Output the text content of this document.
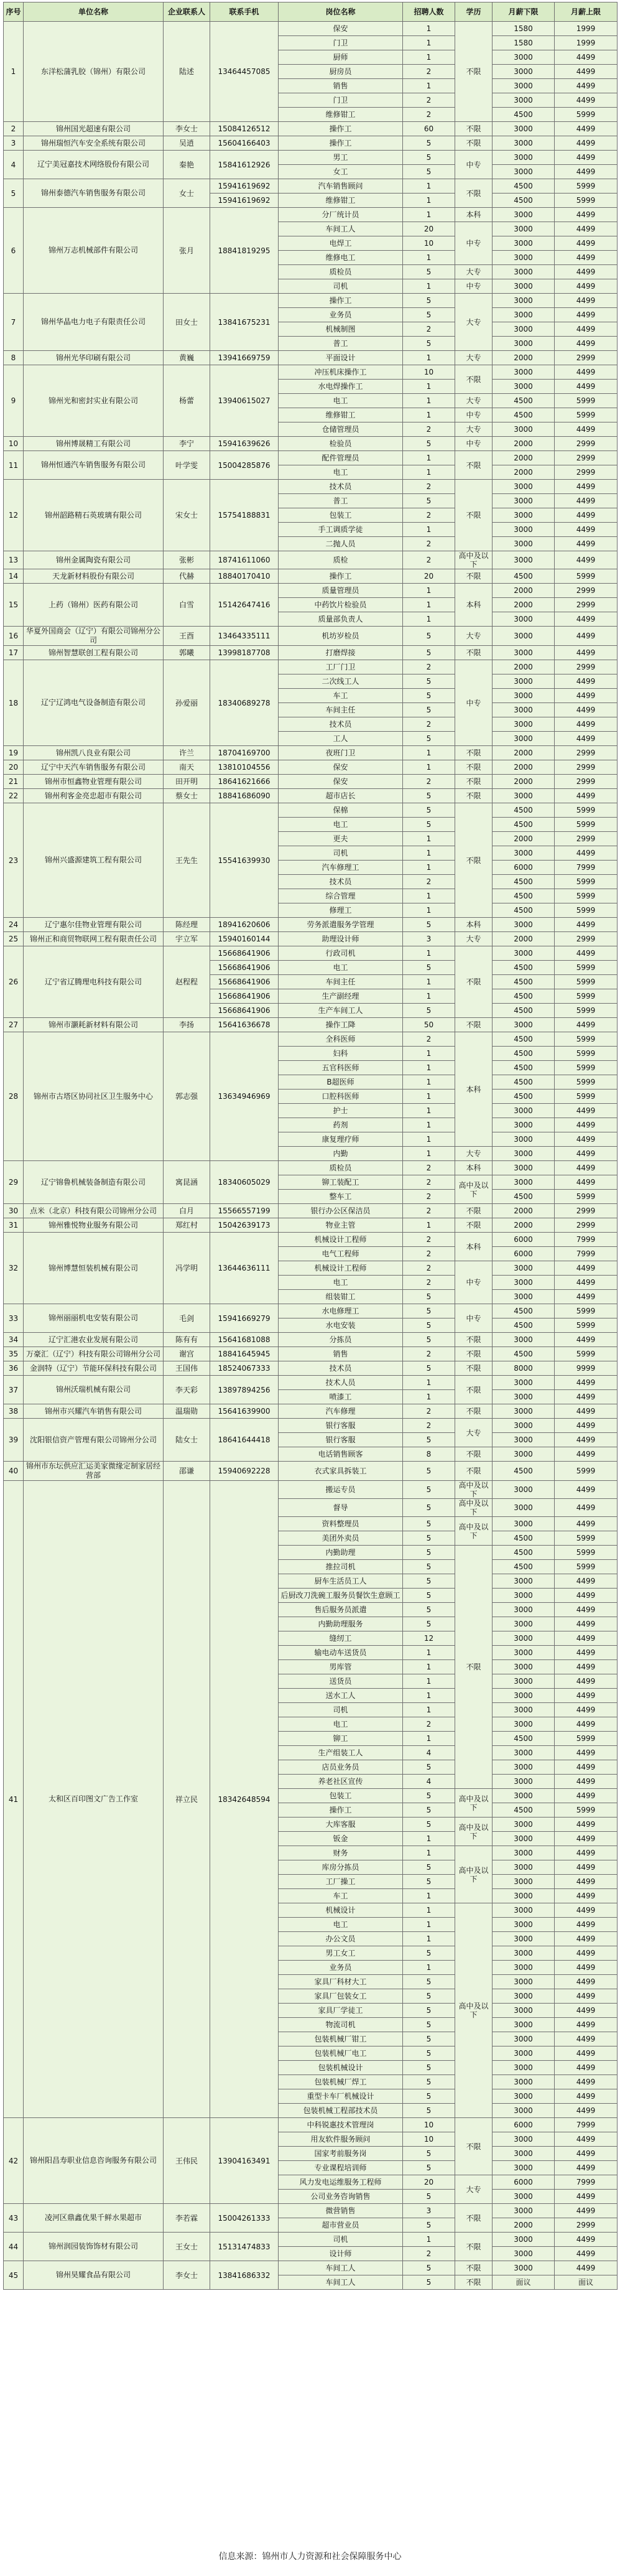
序号	单位名称	企业联系人	联系手机	岗位名称	招聘人数	学历	月薪下限	月薪上限
1	东洋松蒲乳胶（锦州）有限公司	陆述	13464457085	保安	1	不限	1580	1999
				门卫	1		1580	1999
				厨师	1		3000	4499
				厨房员	2		3000	4499
				销售	1		3000	4499
				门卫	2		3000	4499
				维修钳工	2		4500	5999
2	锦州国光超速有限公司	李女士	15084126512	操作工	60	不限	3000	4499
3	锦州瑞恒汽车安全系统有限公司	吴逍	15604166403	操作工	5	不限	3000	4499
4	辽宁美冠嘉技术网络股份有限公司	秦艳	15841612926	男工	5	中专	3000	4499
				女工	5		3000	4499
5	锦州泰德汽车销售服务有限公司	女士	15941619692	汽车销售顾问	1	不限	4500	5999
			15941619692	维修钳工	1		4500	5999
6	锦州万志机械部件有限公司	张月	18841819295	分厂统计员	1	本科	3000	4499
				车间工人	20	中专	3000	4499
				电焊工	10		3000	4499
				维修电工	1		3000	4499
				质检员	5	大专	3000	4499
				司机	1	中专	3000	4499
7	锦州华晶电力电子有限责任公司	田女士	13841675231	操作工	5	大专	3000	4499
				业务员	5		3000	4499
				机械制图	2		3000	4499
				普工	5		3000	4499
8	锦州光华印刷有限公司	黄巍	13941669759	平面设计	1	大专	2000	2999
9	锦州光和密封实业有限公司	杨蕾	13940615027	冲压机床操作工	10	不限	3000	4499
				水电焊操作工	1		3000	4499
				电工	1	大专	4500	5999
				维修钳工	1	中专	4500	5999
				仓储管理员	2	大专	3000	4499
10	锦州博晟精工有限公司	李宁	15941639626	检验员	5	中专	2000	2999
11	锦州恒通汽车销售服务有限公司	叶学雯	15004285876	配件管理员	1	不限	2000	2999
				电工	1		2000	2999
12	锦州韶路精石英玻璃有限公司	宋女士	15754188831	技术员	2	不限	3000	4499
				普工	5		3000	4499
				包装工	2		3000	4499
				手工调质学徒	1		3000	4499
				二抛人员	2		3000	4499
13	锦州金属陶瓷有限公司	张彬	18741611060	质检	2	高中及以下	3000	4499
14	天龙新材料股份有限公司	代赫	18840170410	操作工	20	不限	4500	5999
15	上药（锦州）医药有限公司	白雪	15142647416	质量管理员	1	本科	2000	2999
				中药饮片检验员	1		2000	2999
				质量部负责人	1		3000	4499
16	华夏外国商会（辽宁）有限公司锦州分公司	王酉	13464335111	机坊岁检员	5	大专	3000	4499
17	锦州智慧联创工程有限公司	郭曦	13998187708	打磨焊接	5	不限	3000	4499
18	辽宁辽鸿电气设备制造有限公司	孙爱丽	18340689278	工厂门卫	2	中专	2000	2999
				二次线工人	5		3000	4499
				车工	5		3000	4499
				车间主任	5		3000	4499
				技术员	2		3000	4499
				工人	5		3000	4499
19	锦州凯八良业有限公司	许兰	18704169700	夜班门卫	1	不限	2000	2999
20	辽宁中天汽车销售服务有限公司	南天	13810104556	保安	1	不限	2000	2999
21	锦州市恒鑫物业管理有限公司	田开明	18641621666	保安	2	不限	2000	2999
22	锦州利客金亮忠超市有限公司	蔡女士	18841686090	超市店长	5	不限	3000	4499
23	锦州兴盛源建筑工程有限公司	王先生	15541639930	保棉	5	不限	4500	5999
				电工	5		4500	5999
				更夫	1		2000	2999
				司机	1		3000	4499
				汽车修理工	1		6000	7999
				技术员	2		4500	5999
				综合管理	1		4500	5999
				修理工	1		4500	5999
24	辽宁惠尔佳物业管理有限公司	陈经理	18941620606	劳务派遣服务学管理	5	本科	3000	4499
25	锦州正和商贸物联网工程有限责任公司	宇立军	15940160144	助理设计师	3	大专	2000	2999
26	辽宁省辽腾理电科技有限公司	赵程程	15668641906	行政司机	1	不限	3000	4499
			15668641906	电工	5		4500	5999
			15668641906	车间主任	1		4500	5999
			15668641906	生产副经理	1		4500	5999
			15668641906	生产车间工人	5		4500	5999
27	锦州市灏耗新材料有限公司	李扬	15641636678	操作工降	50	不限	3000	4499
28	锦州市古塔区协同社区卫生服务中心	郭志强	13634946969	全科医师	2	本科	4500	5999
				妇科	1		4500	5999
				五官科医师	1		4500	5999
				B超医师	1		4500	5999
				口腔科医师	1		4500	5999
				护士	1		3000	4499
				药剂	1		3000	4499
				康复理疗师	1		3000	4499
				内勤	1	大专	3000	4499
29	辽宁锦鲁机械装备制造有限公司	寓昆涵	18340605029	质检员	2	本科	3000	4499
				铆工装配工	2	高中及以下	3000	4499
				整车工	2		4500	5999
30	点米（北京）科技有限公司锦州分公司	白月	15566557199	银行办公区保洁员	2	不限	2000	2999
31	锦州雅悦物业服务有限公司	郑红村	15042639173	物业主管	1	不限	2000	2999
32	锦州博慧恒装机械有限公司	冯学明	13644636111	机械设计工程师	2	本科	6000	7999
				电气工程师	2		6000	7999
				机械设计工程师	2	中专	3000	4499
				电工	2		3000	4499
				组装钳工	5		3000	4499
33	锦州丽丽机电安装有限公司	毛剑	15941669279	水电修理工	5	中专	4500	5999
				水电安装	5		4500	5999
34	辽宁汇港农业发展有限公司	陈有有	15641681088	分拣员	5	不限	3000	4499
35	万豪汇（辽宁）科技有限公司锦州分公司	谢宫	18841645945	销售	2	不限	4500	5999
36	金润特（辽宁）节能环保科技有限公司	王国伟	18524067333	技术员	5	不限	8000	9999
37	锦州沃瑞机械有限公司	李天彩	13897894256	技术人员	1	不限	3000	4499
				喷漆工	1		3000	4499
38	锦州市兴耀汽车销售有限公司	温瑞勋	15641639900	汽车修理	2	不限	3000	4499
39	沈阳银信资产管理有限公司锦州分公司	陆女士	18641644418	银行客服	2	大专	3000	4499
				银行客服	5		3000	4499
				电话销售顾客	8	不限	3000	4499
40	锦州市东坛供应汇运美家微缘定制家居经营部	邵谦	15940692228	衣式家具拆装工	5	不限	4500	5999
41	太和区百印图文广告工作室	祥立民	18342648594	搬运专员	5	高中及以下	3000	4499
				督导	5	高中及以下	3000	4499
				资料整理员	5	高中及以下	3000	4499
				美团外卖员	5		4500	5999
				内勤助理	5	不限	4500	5999
				推拉司机	5		4500	5999
				厨车生活员工人	5		3000	4499
				后厨改刀洗碗工服务员餐饮生意顾工	5		3000	4499
				售后服务员派遣	5		3000	4499
				内勤助理服务	5		3000	4499
				缝纫工	12		3000	4499
				输电动车送货员	1		3000	4499
				男库管	1		3000	4499
				送货员	1		3000	4499
				送水工人	1		3000	4499
				司机	1		3000	4499
				电工	2		3000	4499
				铆工	1		4500	5999
				生产组装工人	4		3000	4499
				店员业务员	5		3000	4499
				养老社区宣传	4		3000	4499
				包装工	5	高中及以下	3000	4499
				操作工	5		4500	5999
				大库客服	5	高中及以下	3000	4499
				钣金	1		3000	4499
				财务	1	高中及以下	3000	4499
				库房分拣员	5		3000	4499
				工厂操工	5		3000	4499
				车工	1		3000	4499
				机械设计	1	高中及以下	3000	4499
				电工	1		3000	4499
				办公文员	1		3000	4499
				男工女工	5		3000	4499
				业务员	1		3000	4499
				家具厂科材大工	5		3000	4499
				家具厂包装女工	5		3000	4499
				家具厂学徒工	5		3000	4499
				物流司机	5		3000	4499
				包装机械厂钳工	5		3000	4499
				包装机械厂电工	5		3000	4499
				包装机械设计	5		3000	4499
				包装机械厂焊工	5		3000	4499
				重型卡车厂机械设计	5		3000	4499
				包装机械工程部技术员	5		3000	4499
42	锦州阳昌寿职业信息咨询服务有限公司	王伟民	13904163491	中科锐惠技术管理岗	10	不限	6000	7999
				用友软件服务顾问	10		3000	4499
				国家考前服务岗	5		3000	4499
				专业课程培训师	5		3000	4499
				风力发电运维服务工程师	20	大专	6000	7999
				公司业务咨询销售	5		3000	4499
43	凌河区鼎鑫优果千鲜水果超市	李若霖	15004261333	微营销售	3	不限	3000	4499
				超市营业员	5		2000	2999
44	锦州润园装饰饰材有限公司	王女士	15131474833	司机	1	不限	3000	4499
				设计师	2		3000	4499
45	锦州昊耀食品有限公司	李女士	13841686332	车间工人	5	不限	3000	4499
				车间工人	5	不限	面议	面议
信息来源：锦州市人力资源和社会保障服务中心
